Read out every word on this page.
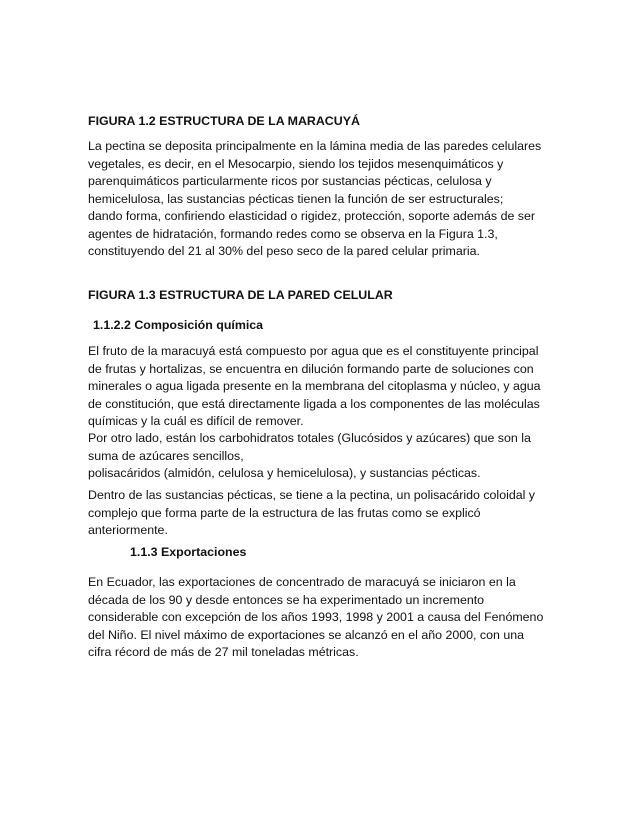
FIGURA 1.2 ESTRUCTURA DE LA MARACUYÁ
La pectina se deposita principalmente en la lámina media de las paredes celulares
vegetales, es decir, en el Mesocarpio, siendo los tejidos mesenquimáticos y
parenquimáticos particularmente ricos por sustancias pécticas, celulosa y
hemicelulosa, las sustancias pécticas tienen la función de ser estructurales;
dando forma, confiriendo elasticidad o rigidez, protección, soporte además de ser
agentes de hidratación, formando redes como se observa en la Figura 1.3,
constituyendo del 21 al 30% del peso seco de la pared celular primaria.
FIGURA 1.3 ESTRUCTURA DE LA PARED CELULAR
1.1.2.2 Composición química
El fruto de la maracuyá está compuesto por agua que es el constituyente principal
de frutas y hortalizas, se encuentra en dilución formando parte de soluciones con
minerales o agua ligada presente en la membrana del citoplasma y núcleo, y agua
de constitución, que está directamente ligada a los componentes de las moléculas
químicas y la cuál es difícil de remover.
Por otro lado, están los carbohidratos totales (Glucósidos y azúcares) que son la
suma de azúcares sencillos,
polisacáridos (almidón, celulosa y hemicelulosa), y sustancias pécticas.
Dentro de las sustancias pécticas, se tiene a la pectina, un polisacárido coloidal y
complejo que forma parte de la estructura de las frutas como se explicó
anteriormente.
1.1.3 Exportaciones
En Ecuador, las exportaciones de concentrado de maracuyá se iniciaron en la
década de los 90 y desde entonces se ha experimentado un incremento
considerable con excepción de los años 1993, 1998 y 2001 a causa del Fenómeno
del Niño. El nivel máximo de exportaciones se alcanzó en el año 2000, con una
cifra récord de más de 27 mil toneladas métricas.
